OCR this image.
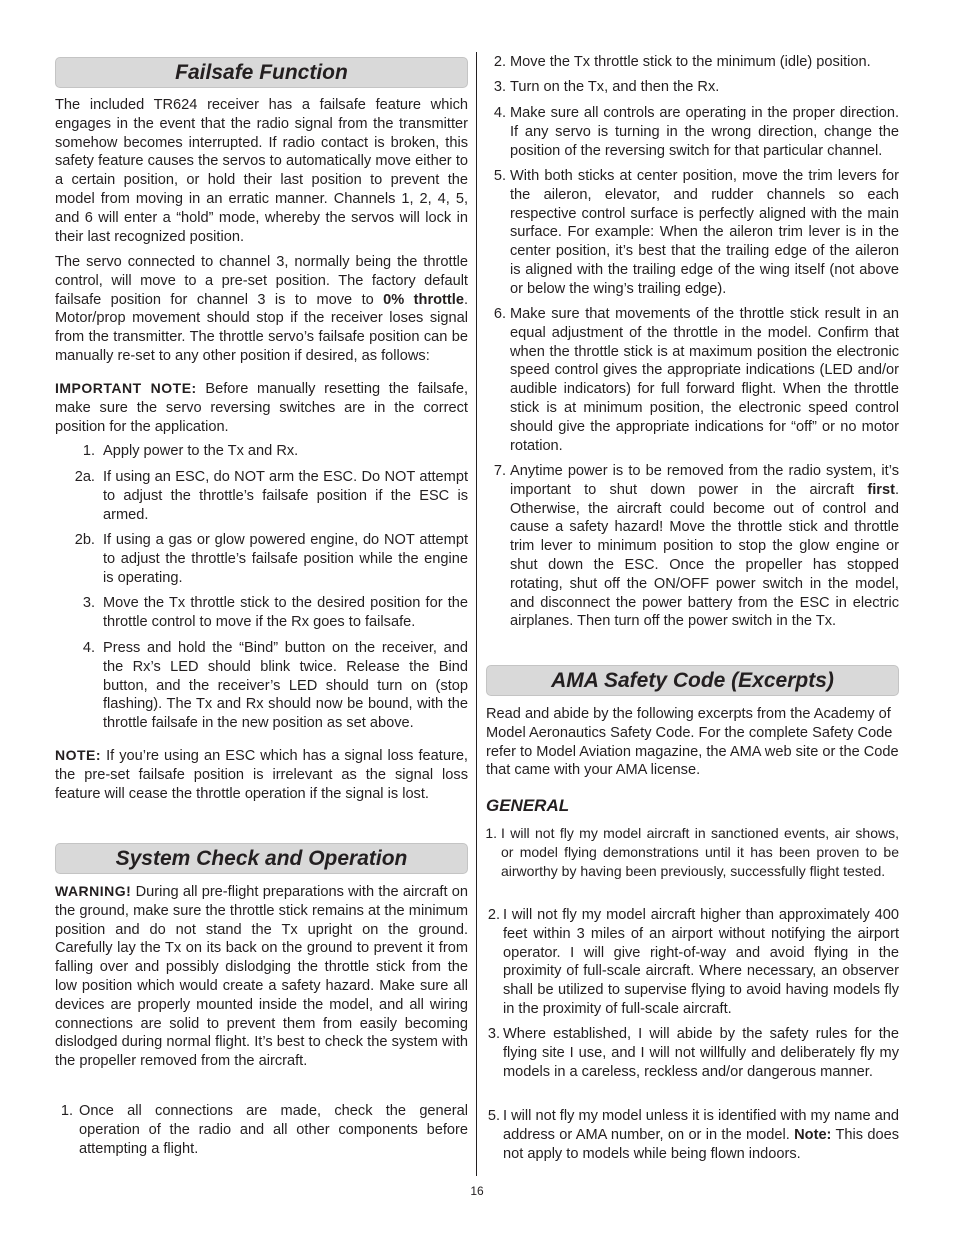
Failsafe Function

The included TR624 receiver has a failsafe feature which engages in the event that the radio signal from the transmitter somehow becomes interrupted. If radio contact is broken, this safety feature causes the servos to automatically move either to a certain position, or hold their last position to prevent the model from moving in an erratic manner. Channels 1, 2, 4, 5, and 6 will enter a “hold” mode, whereby the servos will lock in their last recognized position.

The servo connected to channel 3, normally being the throttle control, will move to a pre-set position. The factory default failsafe position for channel 3 is to move to 0% throttle. Motor/prop movement should stop if the receiver loses signal from the transmitter. The throttle servo’s failsafe position can be manually re-set to any other position if desired, as follows:

IMPORTANT NOTE: Before manually resetting the failsafe, make sure the servo reversing switches are in the correct position for the application.

1. Apply power to the Tx and Rx.

2a. If using an ESC, do NOT arm the ESC. Do NOT attempt to adjust the throttle’s failsafe position if the ESC is armed.

2b. If using a gas or glow powered engine, do NOT attempt to adjust the throttle’s failsafe position while the engine is operating.

3. Move the Tx throttle stick to the desired position for the throttle control to move if the Rx goes to failsafe.

4. Press and hold the “Bind” button on the receiver, and the Rx’s LED should blink twice. Release the Bind button, and the receiver’s LED should turn on (stop flashing). The Tx and Rx should now be bound, with the throttle failsafe in the new position as set above.

NOTE: If you’re using an ESC which has a signal loss feature, the pre-set failsafe position is irrelevant as the signal loss feature will cease the throttle operation if the signal is lost.

System Check and Operation

WARNING! During all pre-flight preparations with the aircraft on the ground, make sure the throttle stick remains at the minimum position and do not stand the Tx upright on the ground. Carefully lay the Tx on its back on the ground to prevent it from falling over and possibly dislodging the throttle stick from the low position which would create a safety hazard. Make sure all devices are properly mounted inside the model, and all wiring connections are solid to prevent them from easily becoming dislodged during normal flight. It’s best to check the system with the propeller removed from the aircraft.

1. Once all connections are made, check the general operation of the radio and all other components before attempting a flight.

2. Move the Tx throttle stick to the minimum (idle) position.

3. Turn on the Tx, and then the Rx.

4. Make sure all controls are operating in the proper direction. If any servo is turning in the wrong direction, change the position of the reversing switch for that particular channel.

5. With both sticks at center position, move the trim levers for the aileron, elevator, and rudder channels so each respective control surface is perfectly aligned with the main surface. For example: When the aileron trim lever is in the center position, it’s best that the trailing edge of the aileron is aligned with the trailing edge of the wing itself (not above or below the wing’s trailing edge).

6. Make sure that movements of the throttle stick result in an equal adjustment of the throttle in the model. Confirm that when the throttle stick is at maximum position the electronic speed control gives the appropriate indications (LED and/or audible indicators) for full forward flight. When the throttle stick is at minimum position, the electronic speed control should give the appropriate indications for “off” or no motor rotation.

7. Anytime power is to be removed from the radio system, it’s important to shut down power in the aircraft first. Otherwise, the aircraft could become out of control and cause a safety hazard! Move the throttle stick and throttle trim lever to minimum position to stop the glow engine or shut down the ESC. Once the propeller has stopped rotating, shut off the ON/OFF power switch in the model, and disconnect the power battery from the ESC in electric airplanes. Then turn off the power switch in the Tx.

AMA Safety Code (Excerpts)

Read and abide by the following excerpts from the Academy of Model Aeronautics Safety Code. For the complete Safety Code refer to Model Aviation magazine, the AMA web site or the Code that came with your AMA license.

GENERAL
1. I will not fly my model aircraft in sanctioned events, air shows, or model flying demonstrations until it has been proven to be airworthy by having been previously, successfully flight tested.

2. I will not fly my model aircraft higher than approximately 400 feet within 3 miles of an airport without notifying the airport operator. I will give right-of-way and avoid flying in the proximity of full-scale aircraft. Where necessary, an observer shall be utilized to supervise flying to avoid having models fly in the proximity of full-scale aircraft.

3. Where established, I will abide by the safety rules for the flying site I use, and I will not willfully and deliberately fly my models in a careless, reckless and/or dangerous manner.

5. I will not fly my model unless it is identified with my name and address or AMA number, on or in the model. Note: This does not apply to models while being flown indoors.

16
